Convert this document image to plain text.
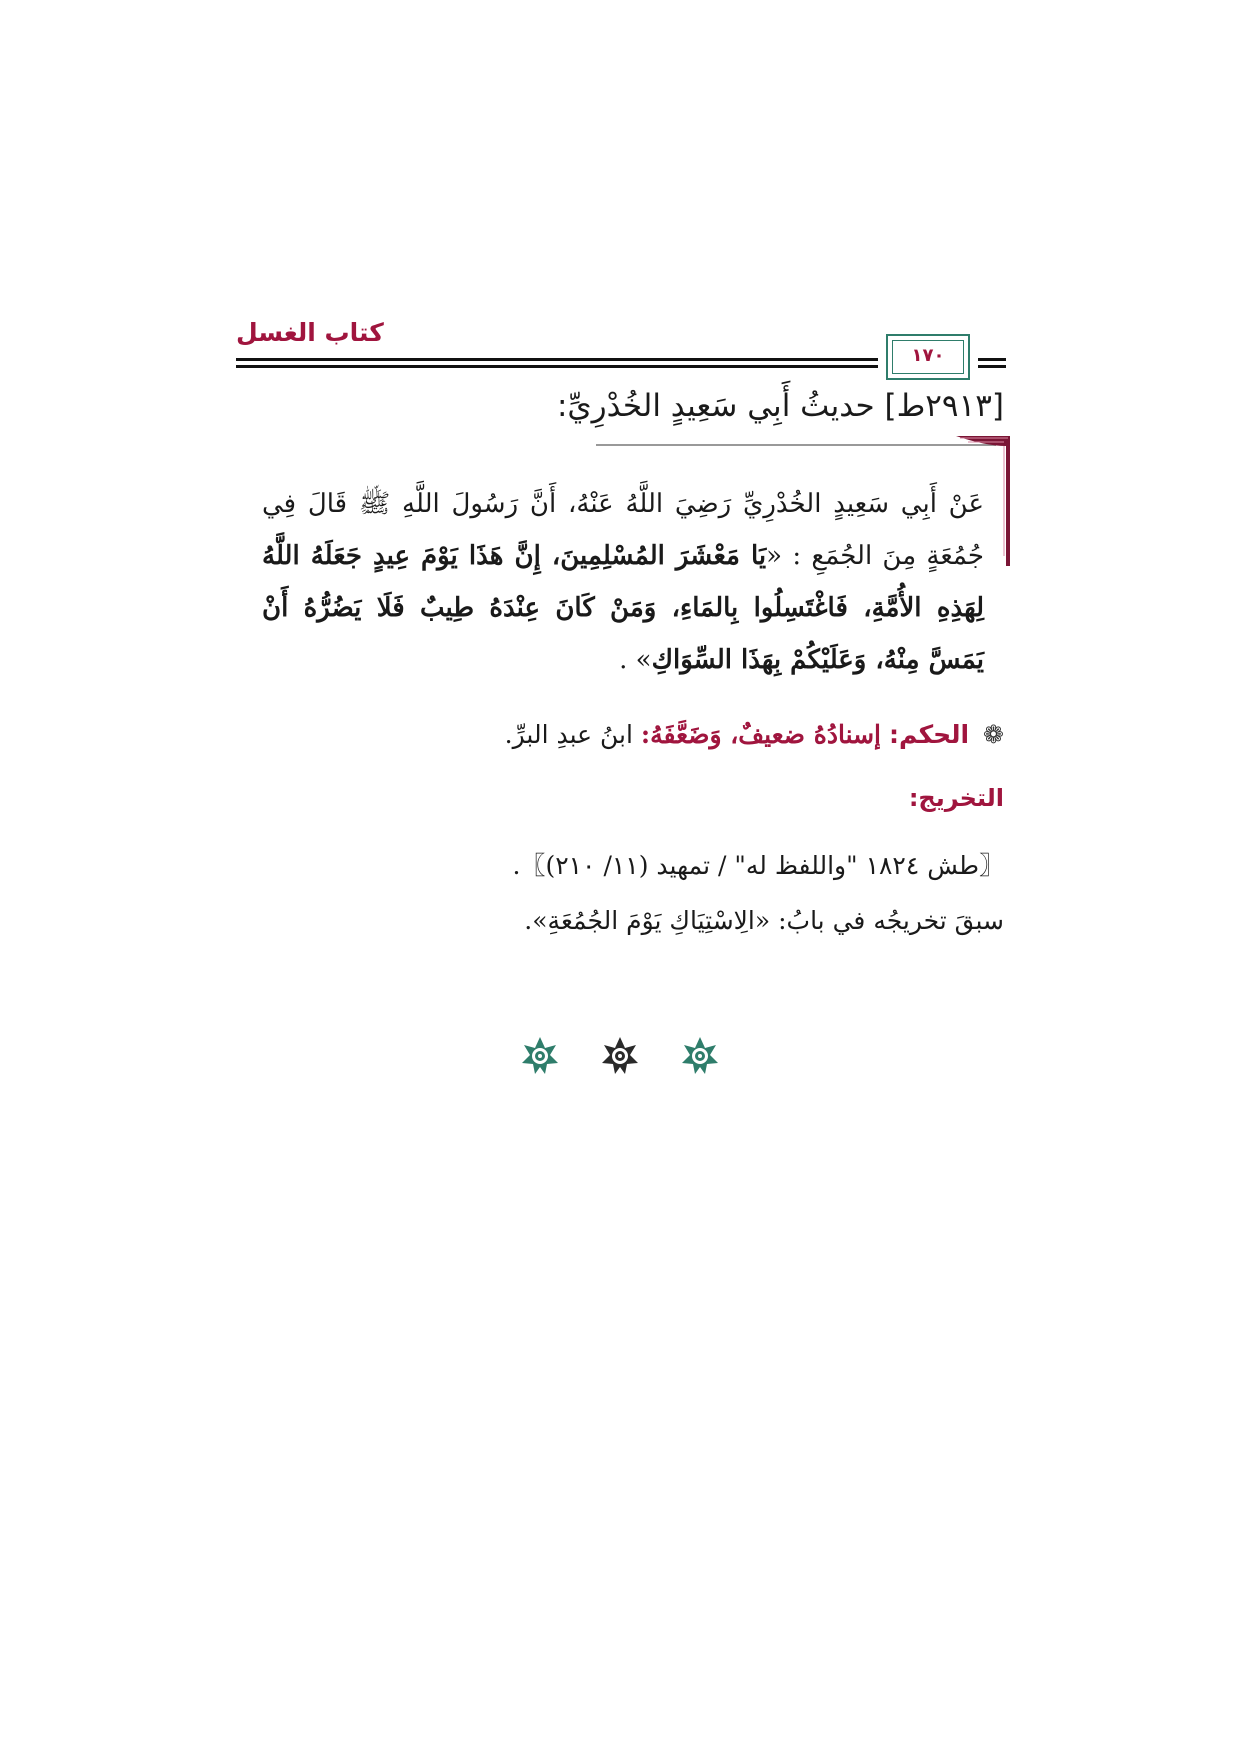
كتاب الغسل
١٧٠
[٢٩١٣ط] حديثُ أَبِي سَعِيدٍ الخُدْرِيِّ:
عَنْ أَبِي سَعِيدٍ الخُدْرِيِّ رَضِيَ اللَّهُ عَنْهُ، أَنَّ رَسُولَ اللَّهِ ﷺ قَالَ فِي جُمُعَةٍ مِنَ الجُمَعِ : «يَا مَعْشَرَ المُسْلِمِينَ، إِنَّ هَذَا يَوْمَ عِيدٍ جَعَلَهُ اللَّهُ لِهَذِهِ الأُمَّةِ، فَاغْتَسِلُوا بِالمَاءِ، وَمَنْ كَانَ عِنْدَهُ طِيبٌ فَلَا يَضُرُّهُ أَنْ يَمَسَّ مِنْهُ، وَعَلَيْكُمْ بِهَذَا السِّوَاكِ» .
❁ الحكم: إسنادُهُ ضعيفٌ، وَضَعَّفَهُ: ابنُ عبدِ البرِّ.
التخريج:
〖طش ١٨٢٤ "واللفظ له" / تمهيد (١١/ ٢١٠)〗.
سبقَ تخريجُه في بابُ: «الِاسْتِيَاكِ يَوْمَ الجُمُعَةِ».
